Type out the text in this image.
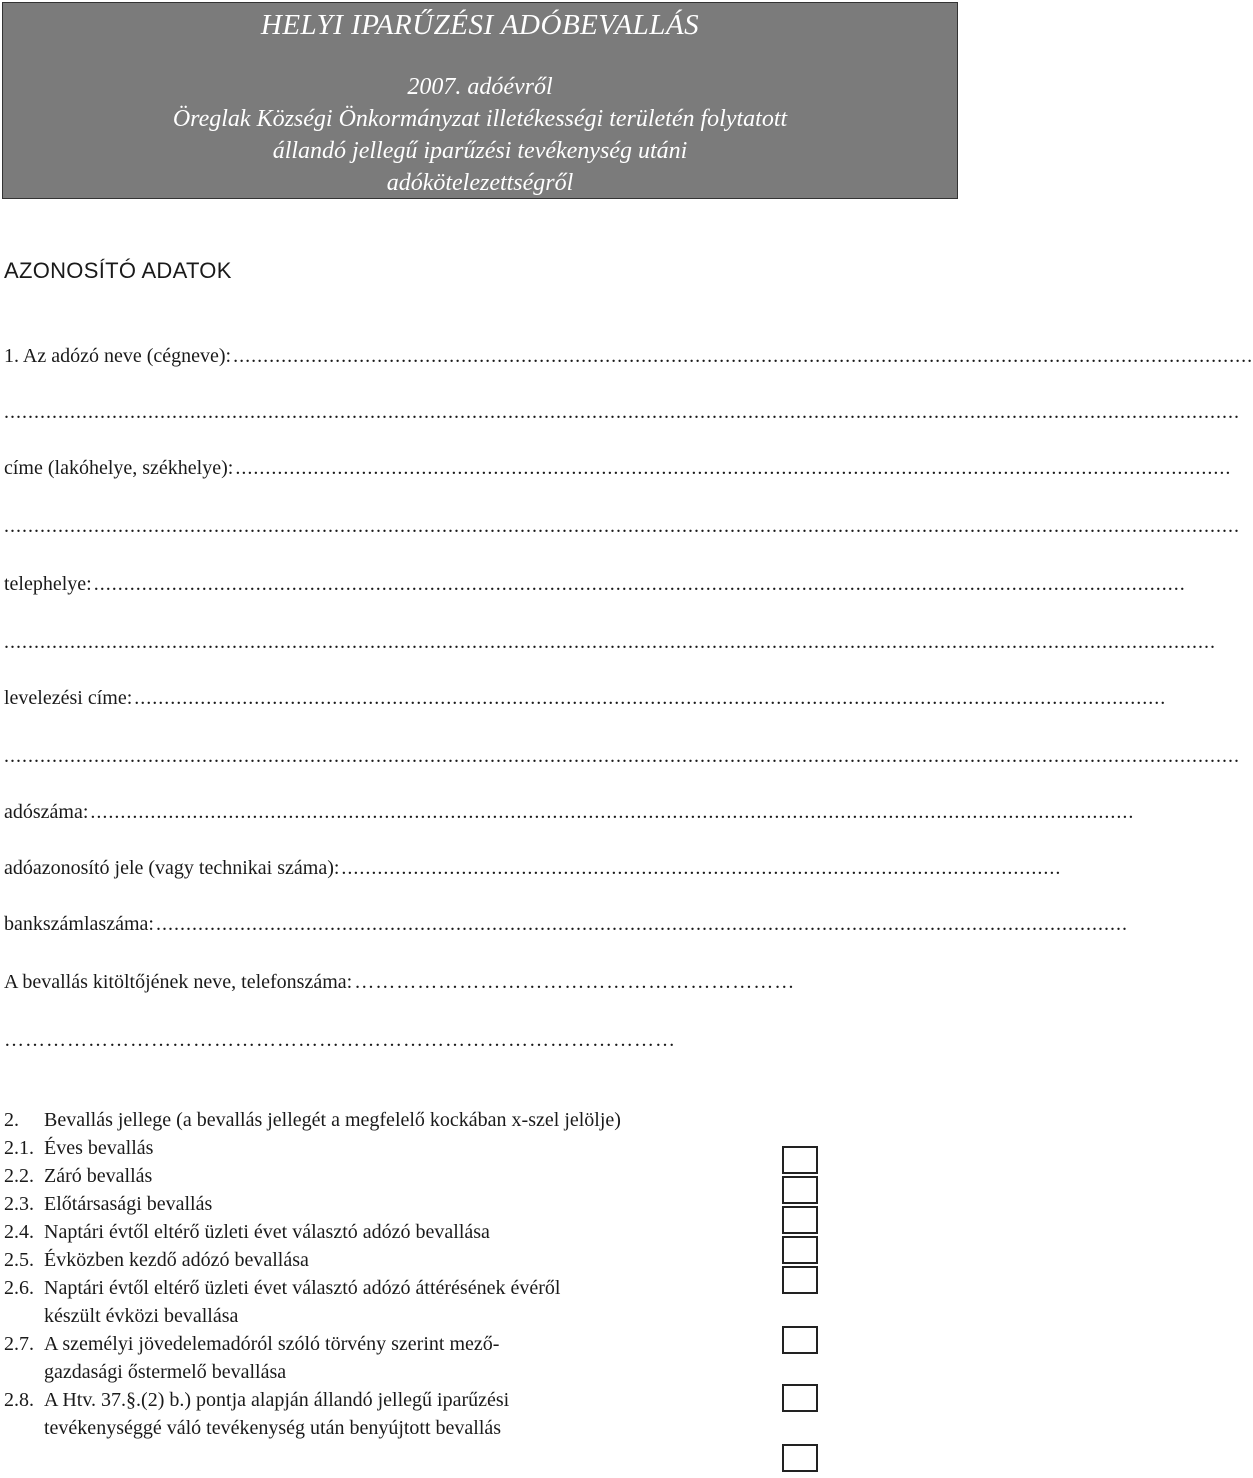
HELYI IPARŰZÉSI ADÓBEVALLÁS
2007. adóévről
Öreglak Községi Önkormányzat illetékességi területén folytatott
állandó jellegű iparűzési tevékenység utáni
adókötelezettségről
AZONOSÍTÓ ADATOK
1. Az adózó neve (cégneve): ..........................................................................................................................................................................
..............................................................................................................................................................................................................
címe (lakóhelye, székhelye): ......................................................................................................................................................................
..............................................................................................................................................................................................................
telephelye: ......................................................................................................................................................................................
..........................................................................................................................................................................................................
levelezési címe: ............................................................................................................................................................................
..............................................................................................................................................................................................................
adószáma: ..............................................................................................................................................................................
adóazonosító jele (vagy technikai száma): ........................................................................................................................
bankszámlaszáma: ..................................................................................................................................................................
A bevallás kitöltőjének neve, telefonszáma: ………………………………………………………
……………………………………………………………………………………
2. Bevallás jellege (a bevallás jellegét a megfelelő kockában x-szel jelölje)
2.1. Éves bevallás
2.2. Záró bevallás
2.3. Előtársasági bevallás
2.4. Naptári évtől eltérő üzleti évet választó adózó bevallása
2.5. Évközben kezdő adózó bevallása
2.6. Naptári évtől eltérő üzleti évet választó adózó áttérésének évéről
készült évközi bevallása
2.7. A személyi jövedelemadóról szóló törvény szerint mező-
gazdasági őstermelő bevallása
2.8. A Htv. 37.§.(2) b.) pontja alapján állandó jellegű iparűzési
tevékenységgé váló tevékenység után benyújtott bevallás
